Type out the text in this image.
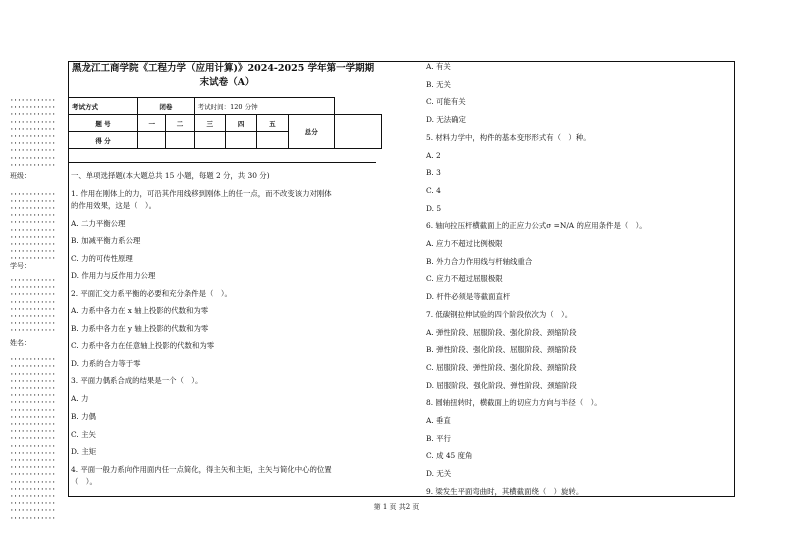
黑龙江工商学院《工程力学（应用计算)》2024-2025 学年第一学期期
末试卷（A）
考试方式	闭卷		考试时间：120 分钟				
题 号	一	二	三	四	五	总分	
得 分							
班级：
学号：
姓名：
第 1 页 共2 页
一、单项选择题(本大题总共 15 小题，每题 2 分，共 30 分)
1. 作用在刚体上的力，可沿其作用线移到刚体上的任一点，而不改变该力对刚体
的作用效果，这是（　）。
A. 二力平衡公理
B. 加减平衡力系公理
C. 力的可传性原理
D. 作用力与反作用力公理
2. 平面汇交力系平衡的必要和充分条件是（　）。
A. 力系中各力在 x 轴上投影的代数和为零
B. 力系中各力在 y 轴上投影的代数和为零
C. 力系中各力在任意轴上投影的代数和为零
D. 力系的合力等于零
3. 平面力偶系合成的结果是一个（　）。
A. 力
B. 力偶
C. 主矢
D. 主矩
4. 平面一般力系向作用面内任一点简化，得主矢和主矩，主矢与简化中心的位置
（　）。
A. 有关
B. 无关
C. 可能有关
D. 无法确定
5. 材料力学中，构件的基本变形形式有（　）种。
A. 2
B. 3
C. 4
D. 5
6. 轴向拉压杆横截面上的正应力公式σ =N/A 的应用条件是（　）。
A. 应力不超过比例极限
B. 外力合力作用线与杆轴线重合
C. 应力不超过屈服极限
D. 杆件必须是等截面直杆
7. 低碳钢拉伸试验的四个阶段依次为（　）。
A. 弹性阶段、屈服阶段、强化阶段、颈缩阶段
B. 弹性阶段、强化阶段、屈服阶段、颈缩阶段
C. 屈服阶段、弹性阶段、强化阶段、颈缩阶段
D. 屈服阶段、强化阶段、弹性阶段、颈缩阶段
8. 圆轴扭转时，横截面上的切应力方向与半径（　）。
A. 垂直
B. 平行
C. 成 45 度角
D. 无关
9. 梁发生平面弯曲时，其横截面绕（　）旋转。
············
············
············
············
············
············
············
············
············
············
············
············
············
············
············
············
············
············
············
············
············
············
············
············
············
············
············
············
············
············
············
············
············
············
············
············
············
············
············
············
············
············
············
············
············
············
············
············
············
············
············
